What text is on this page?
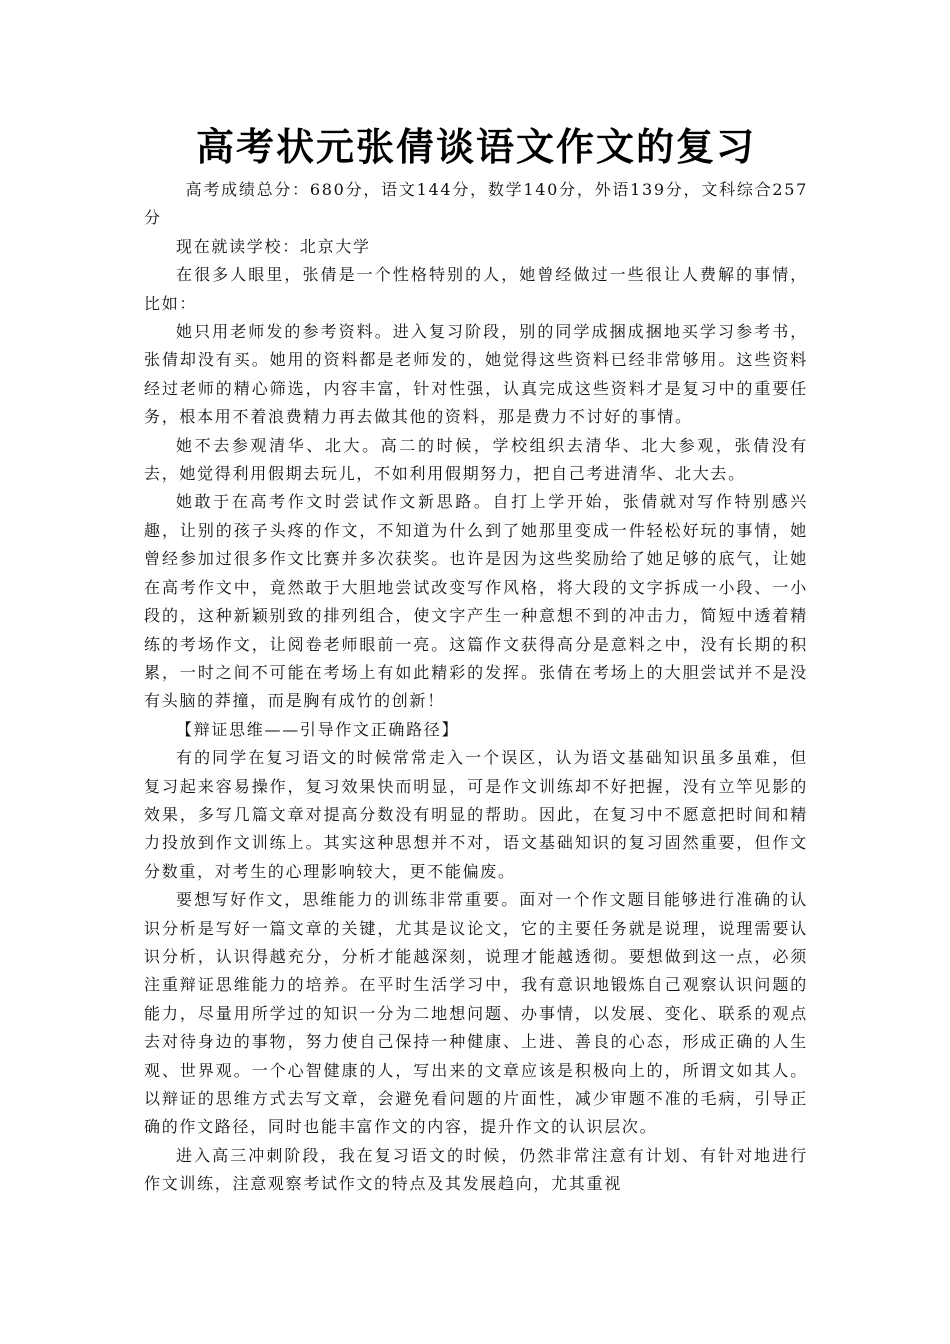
高考状元张倩谈语文作文的复习

高考成绩总分：680分，语文144分，数学140分，外语139分，文科综合257分

现在就读学校：北京大学

在很多人眼里，张倩是一个性格特别的人，她曾经做过一些很让人费解的事情，比如：

她只用老师发的参考资料。进入复习阶段，别的同学成捆成捆地买学习参考书，张倩却没有买。她用的资料都是老师发的，她觉得这些资料已经非常够用。这些资料经过老师的精心筛选，内容丰富，针对性强，认真完成这些资料才是复习中的重要任务，根本用不着浪费精力再去做其他的资料，那是费力不讨好的事情。

她不去参观清华、北大。高二的时候，学校组织去清华、北大参观，张倩没有去，她觉得利用假期去玩儿，不如利用假期努力，把自己考进清华、北大去。

她敢于在高考作文时尝试作文新思路。自打上学开始，张倩就对写作特别感兴趣，让别的孩子头疼的作文，不知道为什么到了她那里变成一件轻松好玩的事情，她曾经参加过很多作文比赛并多次获奖。也许是因为这些奖励给了她足够的底气，让她在高考作文中，竟然敢于大胆地尝试改变写作风格，将大段的文字拆成一小段、一小段的，这种新颖别致的排列组合，使文字产生一种意想不到的冲击力，简短中透着精练的考场作文，让阅卷老师眼前一亮。这篇作文获得高分是意料之中，没有长期的积累，一时之间不可能在考场上有如此精彩的发挥。张倩在考场上的大胆尝试并不是没有头脑的莽撞，而是胸有成竹的创新！

【辩证思维——引导作文正确路径】

有的同学在复习语文的时候常常走入一个误区，认为语文基础知识虽多虽难，但复习起来容易操作，复习效果快而明显，可是作文训练却不好把握，没有立竿见影的效果，多写几篇文章对提高分数没有明显的帮助。因此，在复习中不愿意把时间和精力投放到作文训练上。其实这种思想并不对，语文基础知识的复习固然重要，但作文分数重，对考生的心理影响较大，更不能偏废。

要想写好作文，思维能力的训练非常重要。面对一个作文题目能够进行准确的认识分析是写好一篇文章的关键，尤其是议论文，它的主要任务就是说理，说理需要认识分析，认识得越充分，分析才能越深刻，说理才能越透彻。要想做到这一点，必须注重辩证思维能力的培养。在平时生活学习中，我有意识地锻炼自己观察认识问题的能力，尽量用所学过的知识一分为二地想问题、办事情，以发展、变化、联系的观点去对待身边的事物，努力使自己保持一种健康、上进、善良的心态，形成正确的人生观、世界观。一个心智健康的人，写出来的文章应该是积极向上的，所谓文如其人。以辩证的思维方式去写文章，会避免看问题的片面性，减少审题不准的毛病，引导正确的作文路径，同时也能丰富作文的内容，提升作文的认识层次。

进入高三冲刺阶段，我在复习语文的时候，仍然非常注意有计划、有针对地进行作文训练，注意观察考试作文的特点及其发展趋向，尤其重视
